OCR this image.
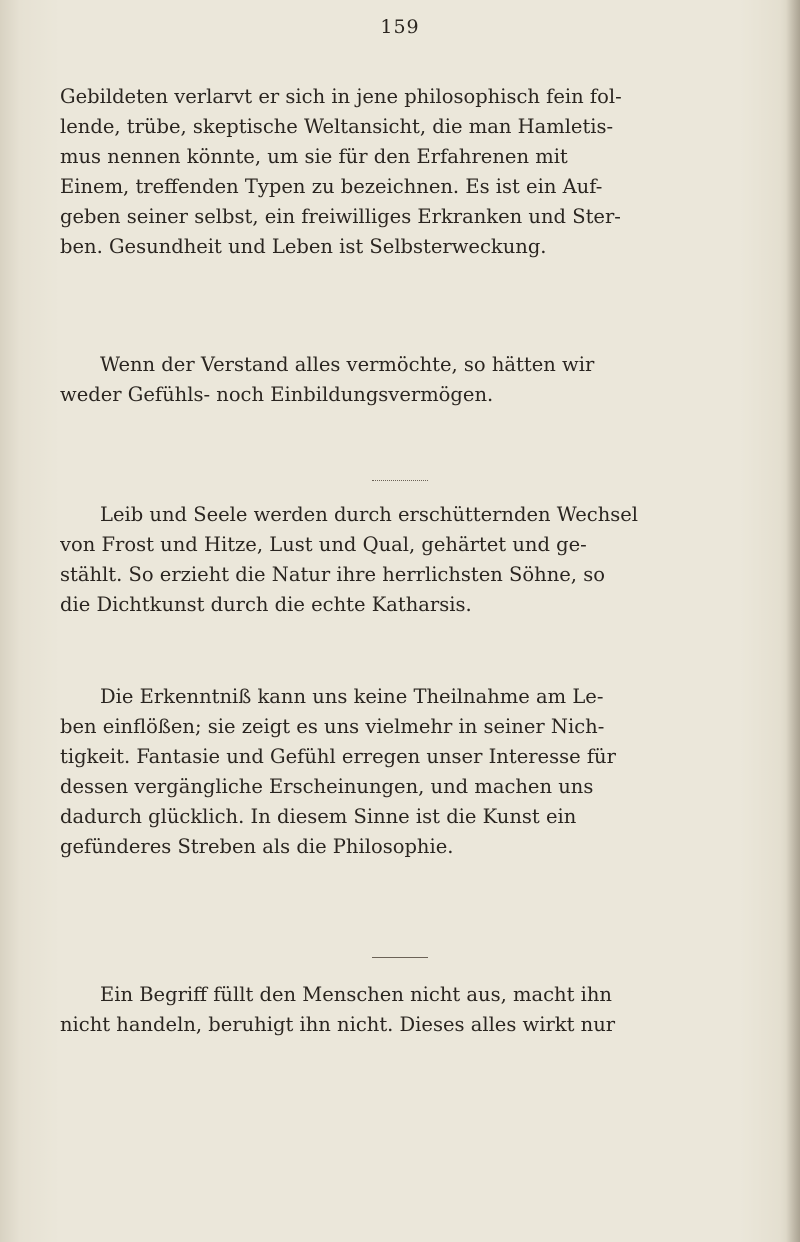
159

Gebildeten verlarvt er sich in jene philosophisch fein fol-
lende, trübe, skeptische Weltansicht, die man Hamletis-
mus nennen könnte, um sie für den Erfahrenen mit
Einem, treffenden Typen zu bezeichnen. Es ist ein Auf-
geben seiner selbst, ein freiwilliges Erkranken und Ster-
ben. Gesundheit und Leben ist Selbsterweckung.

Wenn der Verstand alles vermöchte, so hätten wir
weder Gefühls- noch Einbildungsvermögen.

Leib und Seele werden durch erschütternden Wechsel
von Frost und Hitze, Lust und Qual, gehärtet und ge-
stählt. So erzieht die Natur ihre herrlichsten Söhne, so
die Dichtkunst durch die echte Katharsis.

Die Erkenntniß kann uns keine Theilnahme am Le-
ben einflößen; sie zeigt es uns vielmehr in seiner Nich-
tigkeit. Fantasie und Gefühl erregen unser Interesse für
dessen vergängliche Erscheinungen, und machen uns
dadurch glücklich. In diesem Sinne ist die Kunst ein
gefünderes Streben als die Philosophie.

Ein Begriff füllt den Menschen nicht aus, macht ihn
nicht handeln, beruhigt ihn nicht. Dieses alles wirkt nur
